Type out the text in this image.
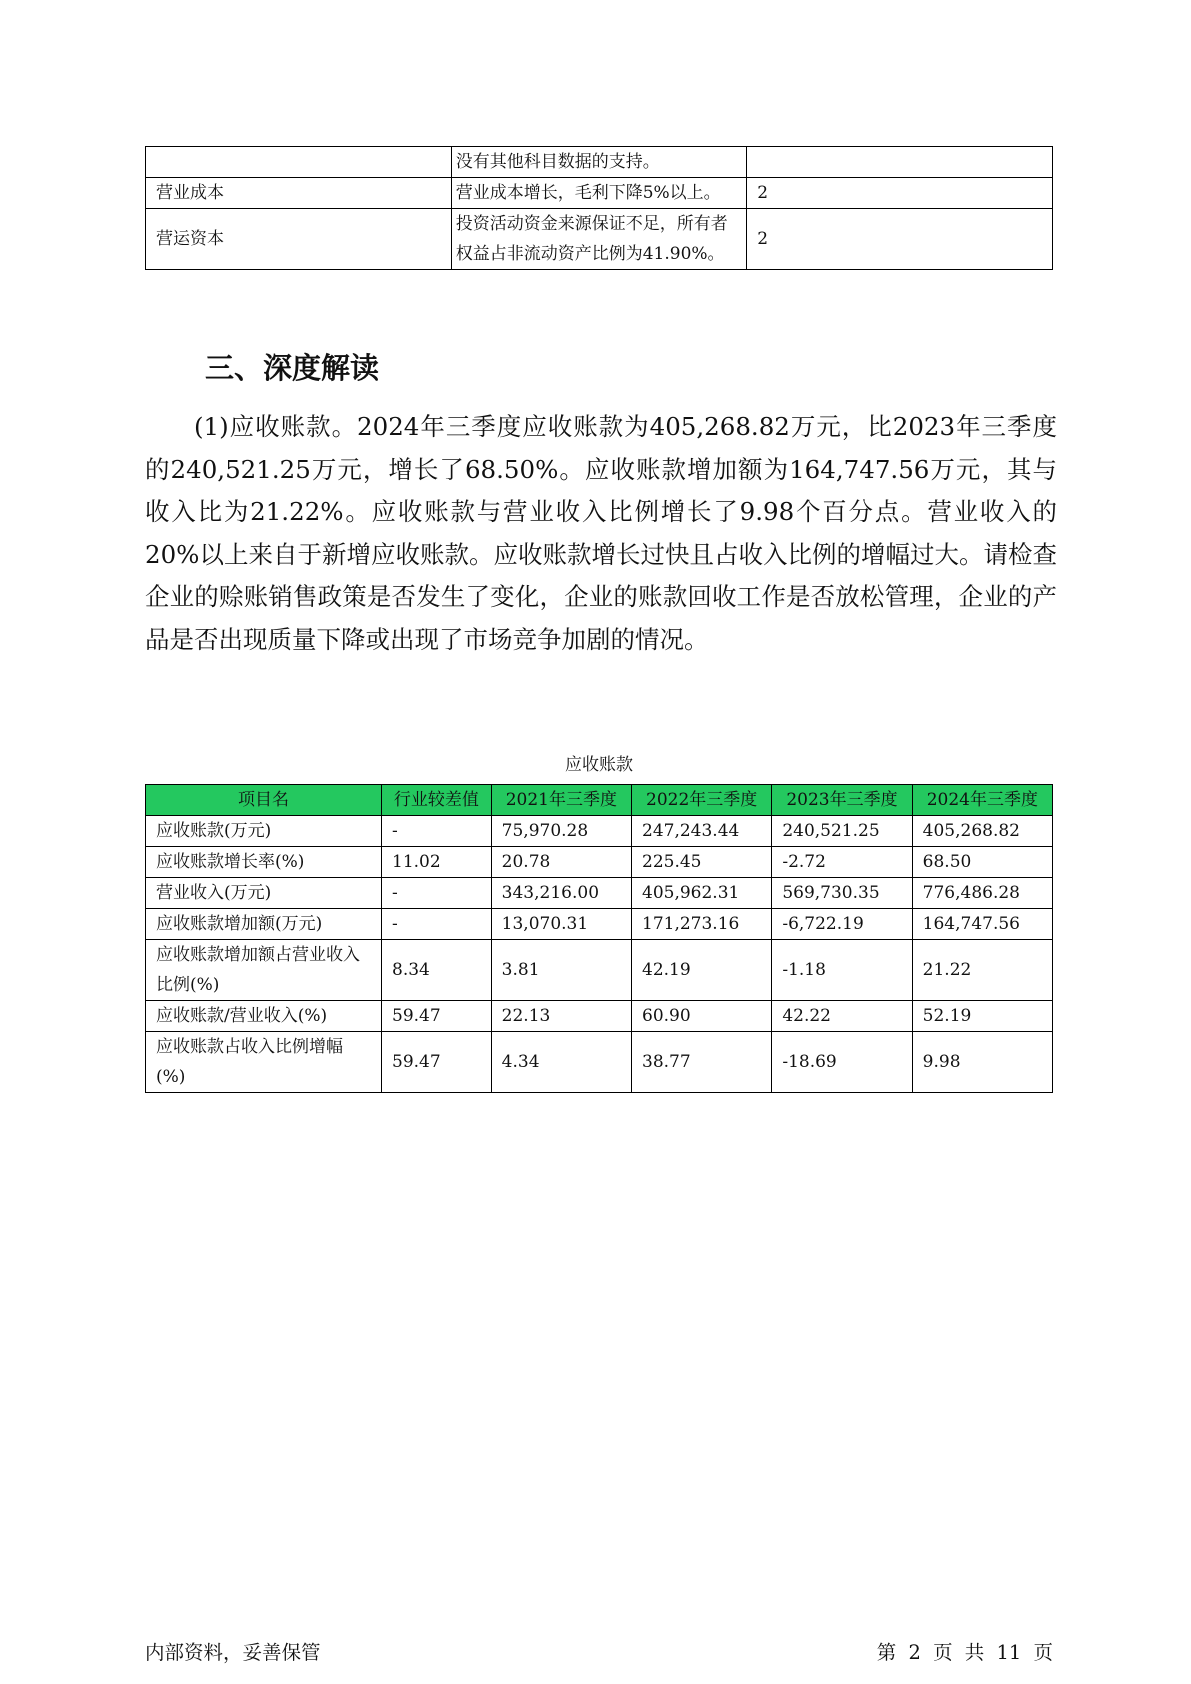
	没有其他科目数据的支持。	
营业成本	营业成本增长，毛利下降5%以上。	2
营运资本	投资活动资金来源保证不足，所有者权益占非流动资产比例为41.90%。	2
三、深度解读

(1)应收账款。2024年三季度应收账款为405,268.82万元，比2023年三季度的240,521.25万元，增长了68.50%。应收账款增加额为164,747.56万元，其与收入比为21.22%。应收账款与营业收入比例增长了9.98个百分点。营业收入的20%以上来自于新增应收账款。应收账款增长过快且占收入比例的增幅过大。请检查企业的赊账销售政策是否发生了变化，企业的账款回收工作是否放松管理，企业的产品是否出现质量下降或出现了市场竞争加剧的情况。

应收账款
项目名	行业较差值	2021年三季度	2022年三季度	2023年三季度	2024年三季度
应收账款(万元)	-	75,970.28	247,243.44	240,521.25	405,268.82
应收账款增长率(%)	11.02	20.78	225.45	-2.72	68.50
营业收入(万元)	-	343,216.00	405,962.31	569,730.35	776,486.28
应收账款增加额(万元)	-	13,070.31	171,273.16	-6,722.19	164,747.56
应收账款增加额占营业收入比例(%)	8.34	3.81	42.19	-1.18	21.22
应收账款/营业收入(%)	59.47	22.13	60.90	42.22	52.19
应收账款占收入比例增幅(%)	59.47	4.34	38.77	-18.69	9.98
内部资料，妥善保管	第 2 页 共 11 页
